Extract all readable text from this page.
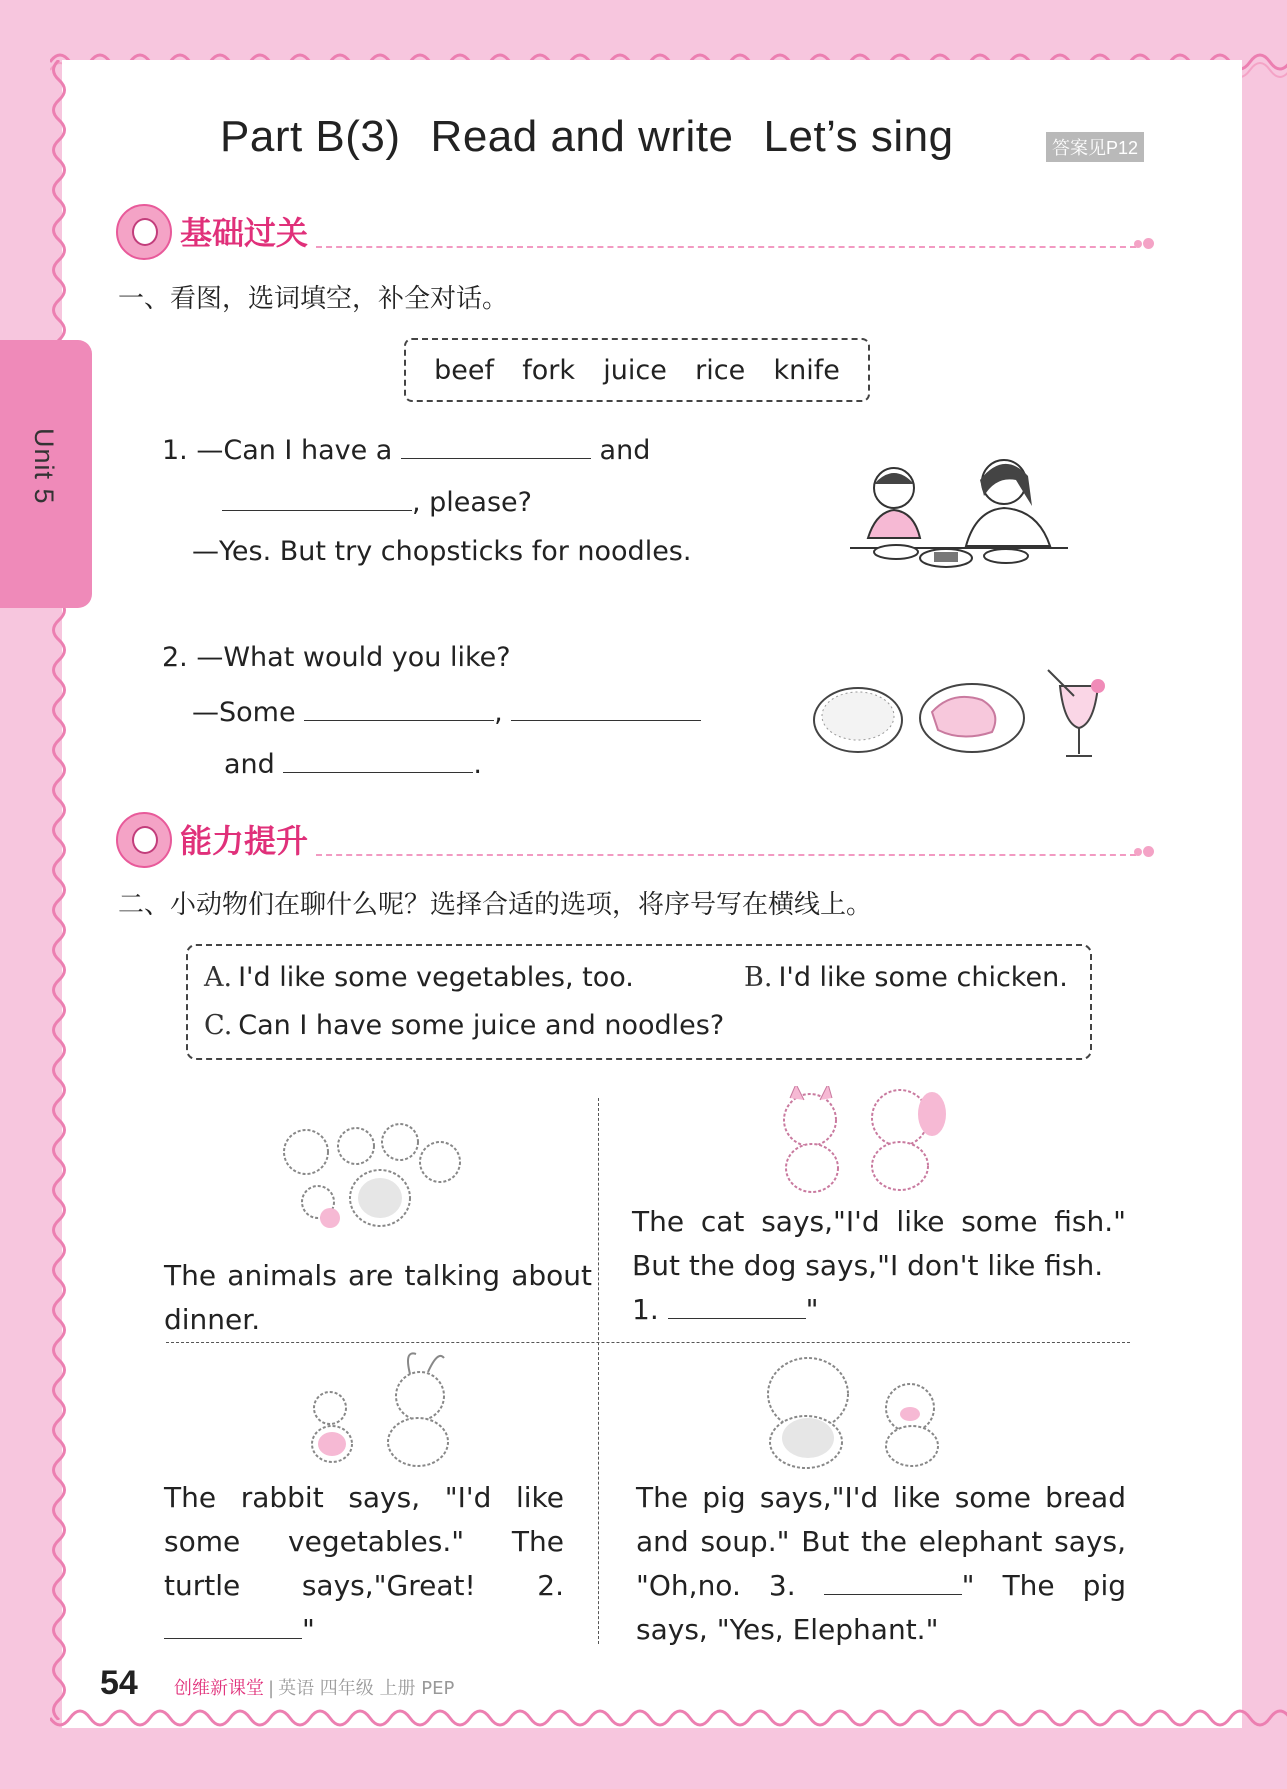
Unit 5
Part B(3) Read and write Let’s sing	答案见P12
基础过关
一、看图，选词填空，补全对话。
beef fork juice rice knife
1. —Can I have a	and
, please?
—Yes. But try chopsticks for noodles.
2. —What would you like?
—Some	,
and	.
能力提升
二、小动物们在聊什么呢？选择合适的选项，将序号写在横线上。
A. I'd like some vegetables, too.	B. I'd like some chicken.
C. Can I have some juice and noodles?
The animals are talking about dinner.
The cat says,"I'd like some fish." But the dog says,"I don't like fish.
1.	"
The rabbit says, "I'd like some vegetables." The turtle says,"Great! 2. "
The pig says,"I'd like some bread and soup." But the elephant says, "Oh,no. 3.	" The pig says, "Yes, Elephant."
54 创维新课堂 | 英语 四年级 上册 PEP
